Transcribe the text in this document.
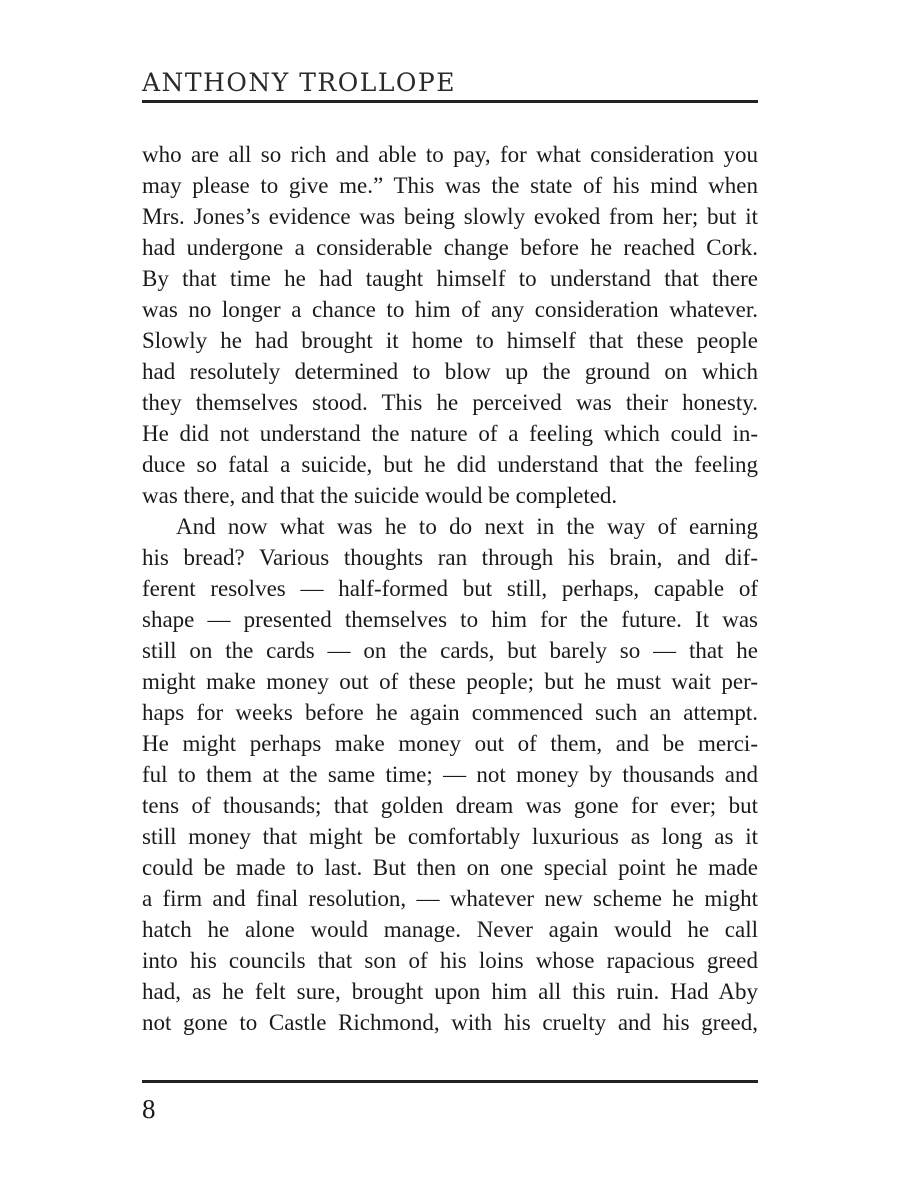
ANTHONY TROLLOPE
who are all so rich and able to pay, for what consideration you
may please to give me.” This was the state of his mind when
Mrs. Jones’s evidence was being slowly evoked from her; but it
had undergone a considerable change before he reached Cork.
By that time he had taught himself to understand that there
was no longer a chance to him of any consideration whatever.
Slowly he had brought it home to himself that these people
had resolutely determined to blow up the ground on which
they themselves stood. This he perceived was their honesty.
He did not understand the nature of a feeling which could in-
duce so fatal a suicide, but he did understand that the feeling
was there, and that the suicide would be completed.
And now what was he to do next in the way of earning
his bread? Various thoughts ran through his brain, and dif-
ferent resolves — half-formed but still, perhaps, capable of
shape — presented themselves to him for the future. It was
still on the cards — on the cards, but barely so — that he
might make money out of these people; but he must wait per-
haps for weeks before he again commenced such an attempt.
He might perhaps make money out of them, and be merci-
ful to them at the same time; — not money by thousands and
tens of thousands; that golden dream was gone for ever; but
still money that might be comfortably luxurious as long as it
could be made to last. But then on one special point he made
a firm and final resolution, — whatever new scheme he might
hatch he alone would manage. Never again would he call
into his councils that son of his loins whose rapacious greed
had, as he felt sure, brought upon him all this ruin. Had Aby
not gone to Castle Richmond, with his cruelty and his greed,
8
